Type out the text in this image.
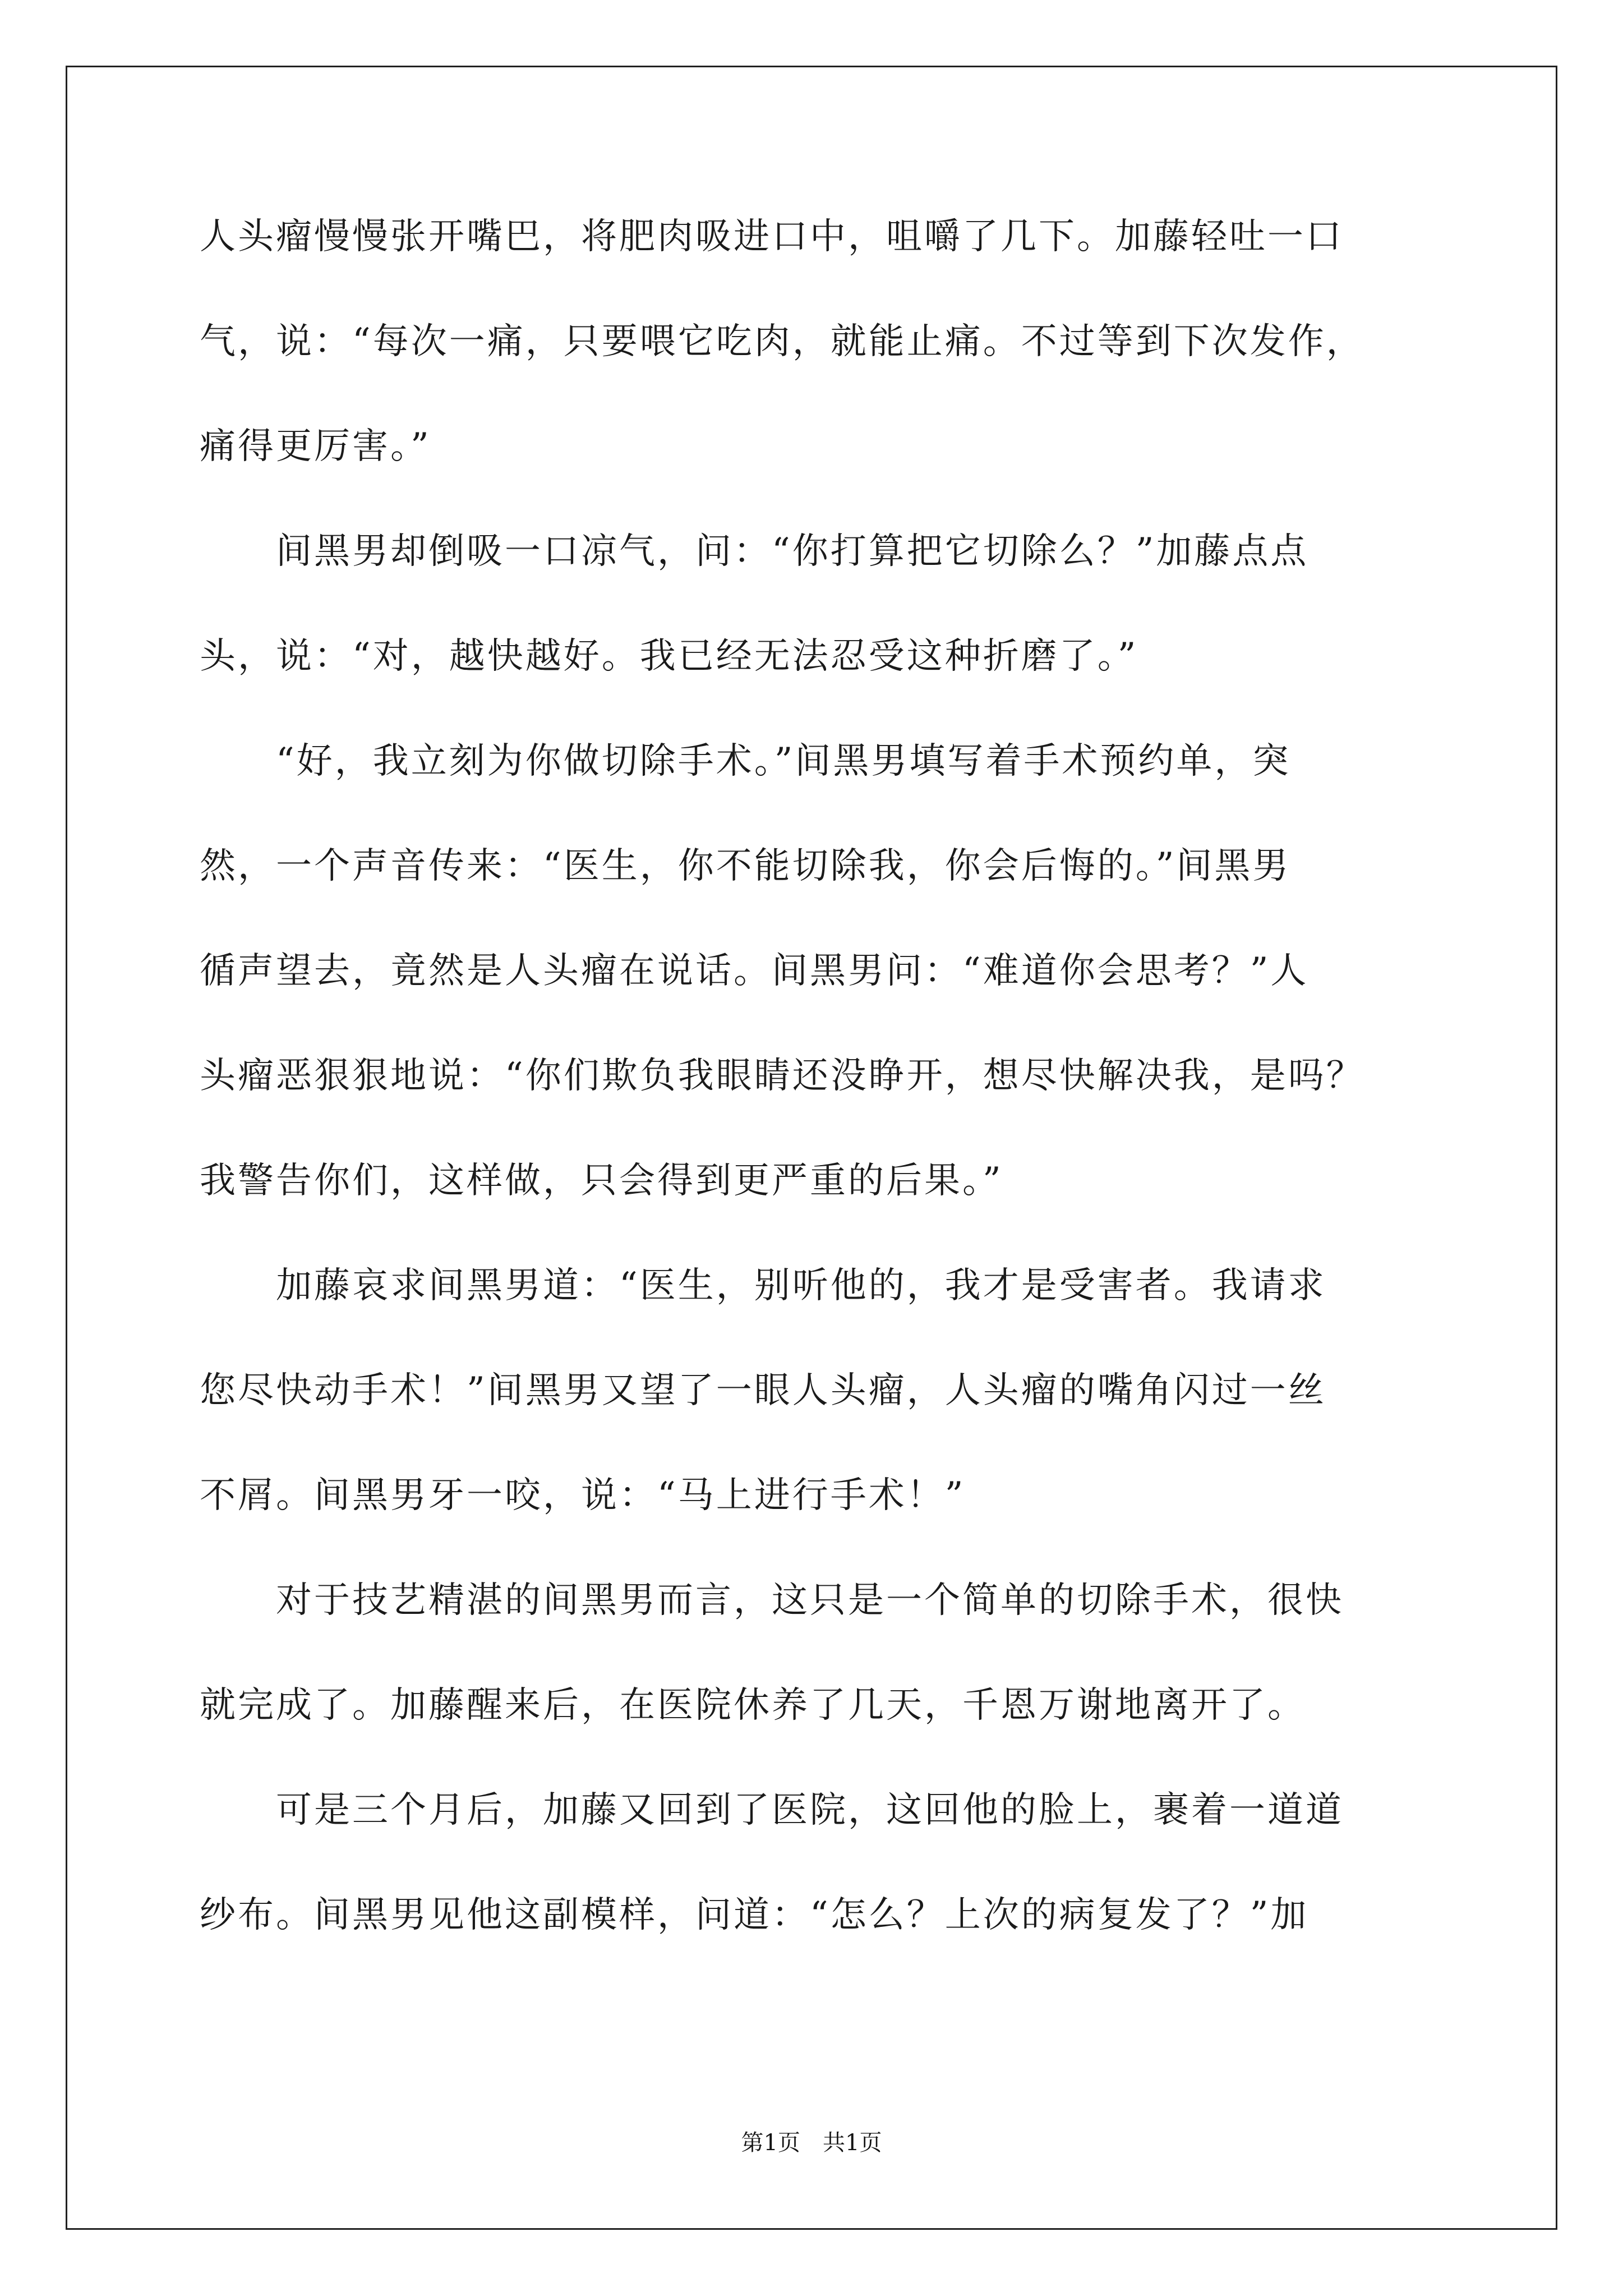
人头瘤慢慢张开嘴巴，将肥肉吸进口中，咀嚼了几下。加藤轻吐一口
气，说：“每次一痛，只要喂它吃肉，就能止痛。不过等到下次发作，
痛得更厉害。”
　　间黑男却倒吸一口凉气，问：“你打算把它切除么？”加藤点点
头，说：“对，越快越好。我已经无法忍受这种折磨了。”
　　“好，我立刻为你做切除手术。”间黑男填写着手术预约单，突
然，一个声音传来：“医生，你不能切除我，你会后悔的。”间黑男
循声望去，竟然是人头瘤在说话。间黑男问：“难道你会思考？”人
头瘤恶狠狠地说：“你们欺负我眼睛还没睁开，想尽快解决我，是吗？
我警告你们，这样做，只会得到更严重的后果。”
　　加藤哀求间黑男道：“医生，别听他的，我才是受害者。我请求
您尽快动手术！”间黑男又望了一眼人头瘤，人头瘤的嘴角闪过一丝
不屑。间黑男牙一咬，说：“马上进行手术！”
　　对于技艺精湛的间黑男而言，这只是一个简单的切除手术，很快
就完成了。加藤醒来后，在医院休养了几天，千恩万谢地离开了。
　　可是三个月后，加藤又回到了医院，这回他的脸上，裹着一道道
纱布。间黑男见他这副模样，问道：“怎么？上次的病复发了？”加
第1页　共1页
